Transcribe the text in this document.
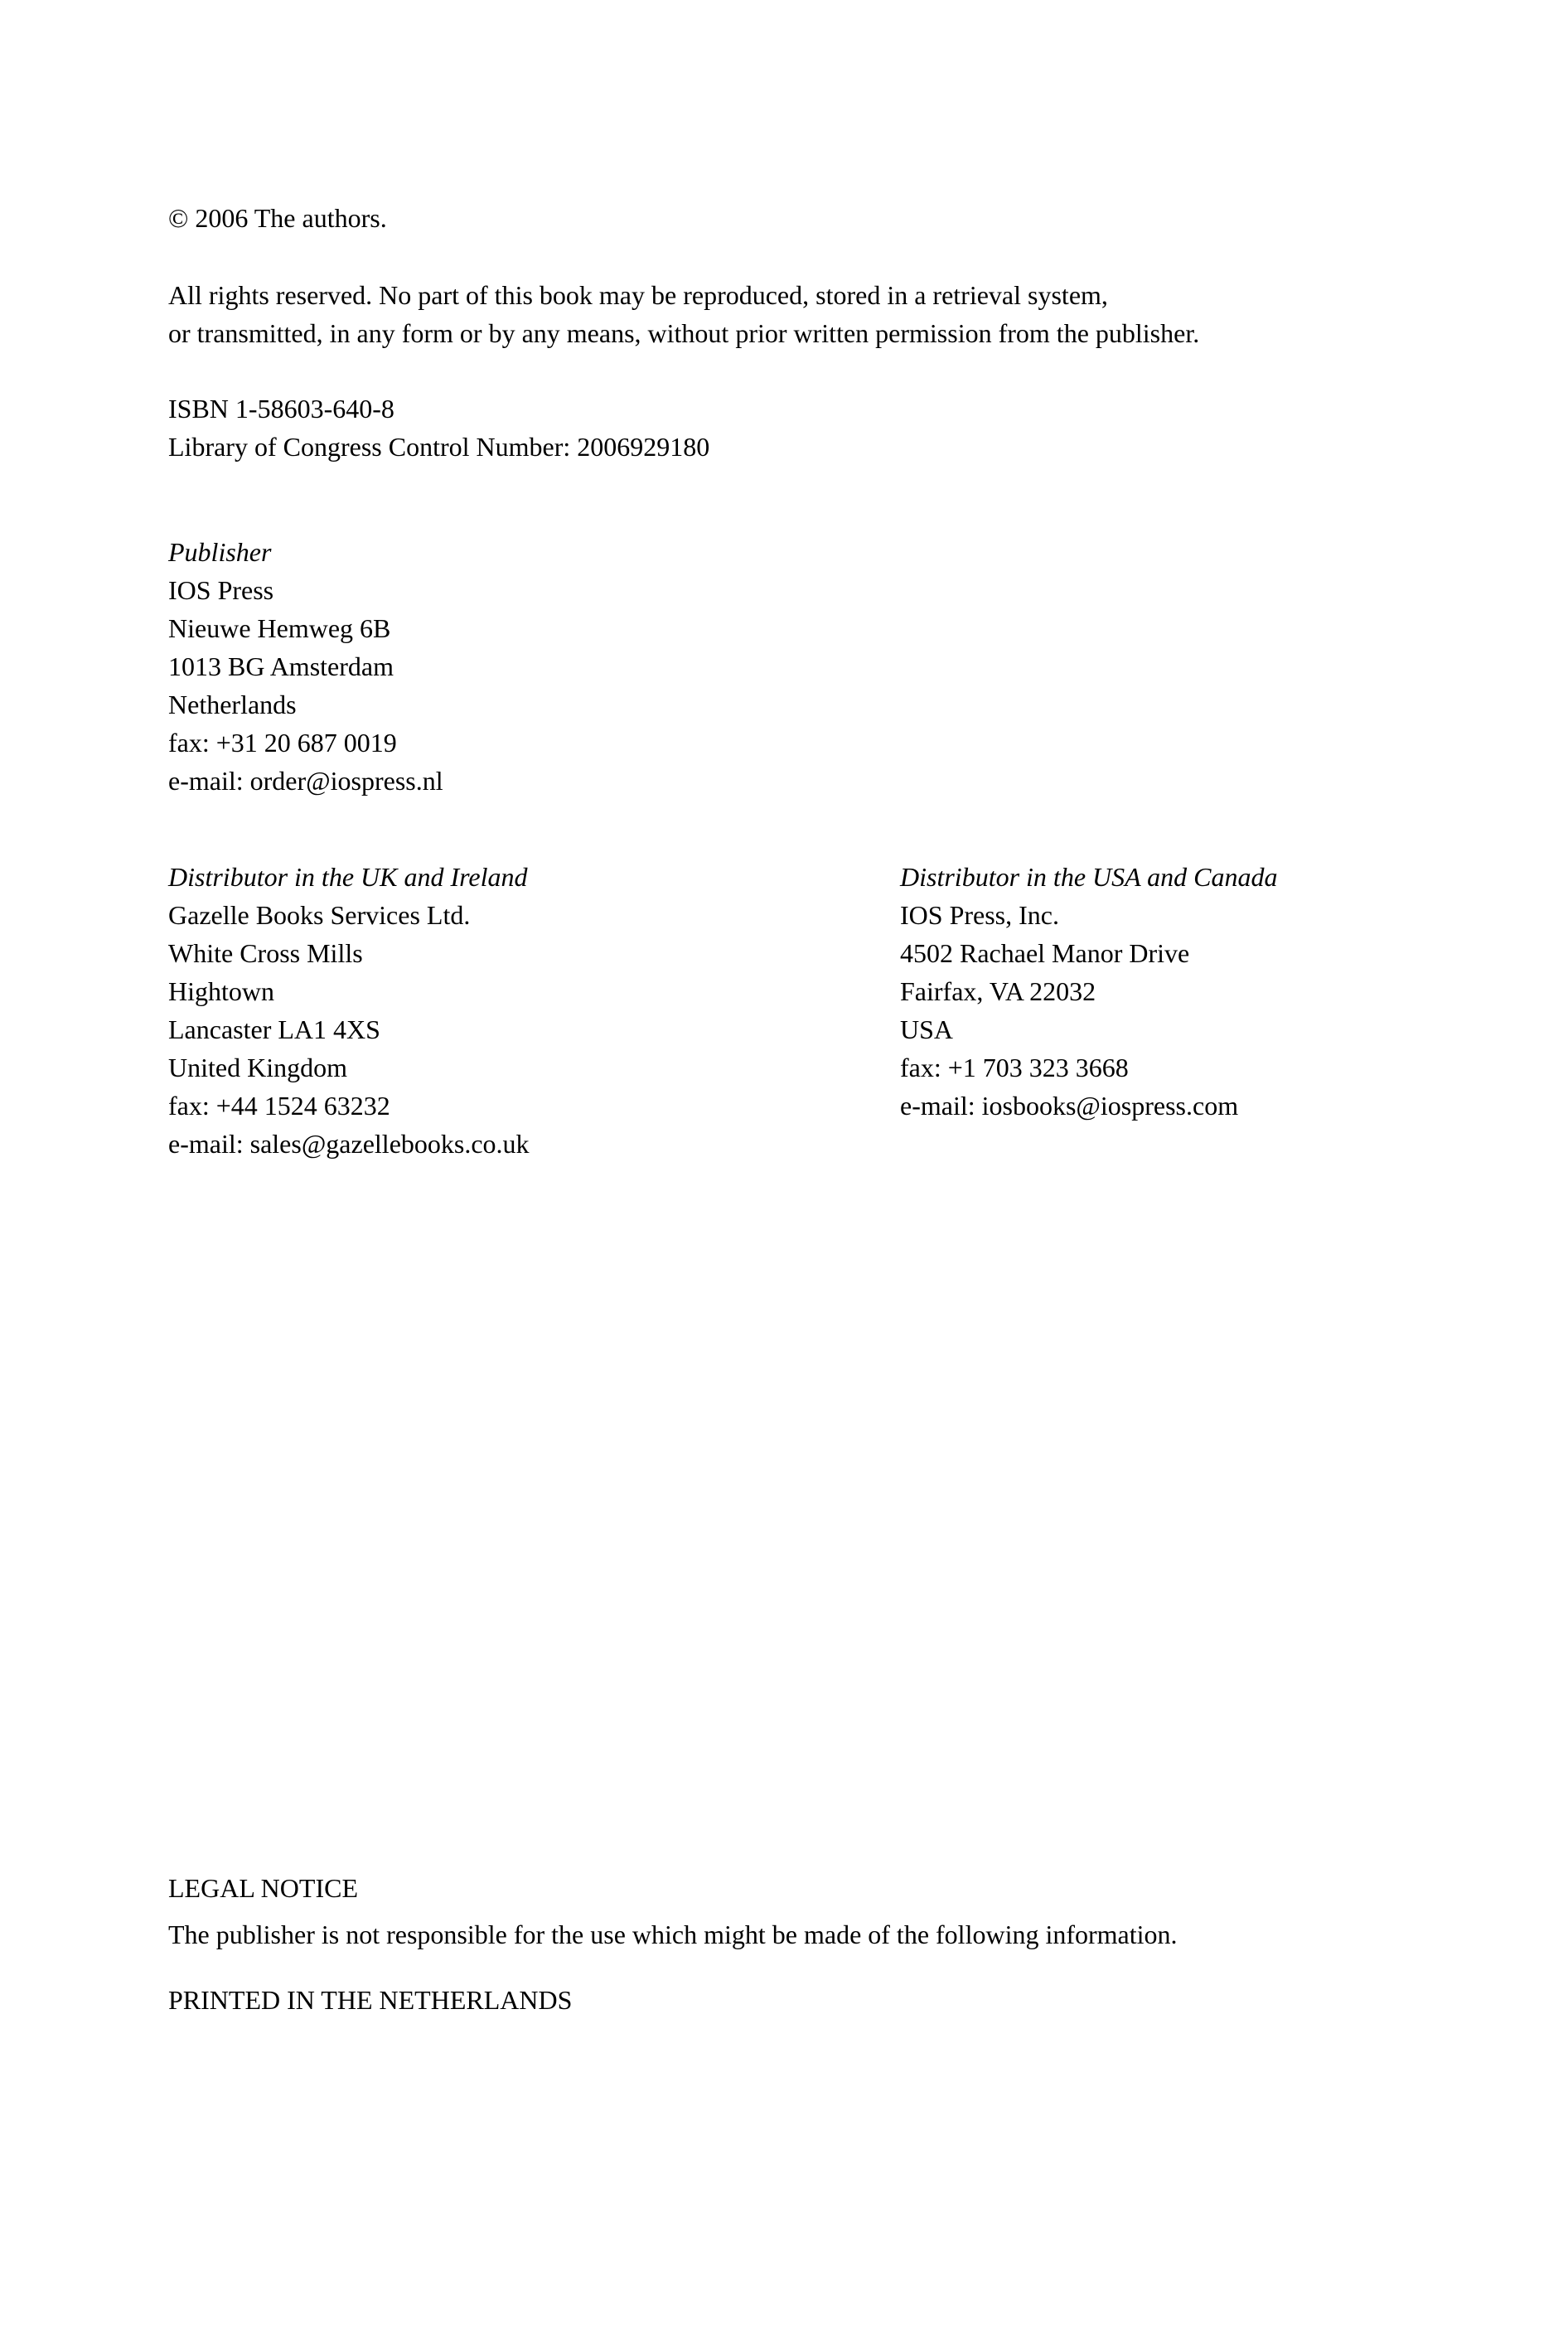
© 2006 The authors.

All rights reserved. No part of this book may be reproduced, stored in a retrieval system,

or transmitted, in any form or by any means, without prior written permission from the publisher.

ISBN 1-58603-640-8

Library of Congress Control Number: 2006929180

Publisher

IOS Press

Nieuwe Hemweg 6B

1013 BG Amsterdam

Netherlands

fax: +31 20 687 0019

e-mail: order@iospress.nl

Distributor in the UK and Ireland

Gazelle Books Services Ltd.

White Cross Mills

Hightown

Lancaster LA1 4XS

United Kingdom

fax: +44 1524 63232

e-mail: sales@gazellebooks.co.uk

Distributor in the USA and Canada

IOS Press, Inc.

4502 Rachael Manor Drive

Fairfax, VA 22032

USA

fax: +1 703 323 3668

e-mail: iosbooks@iospress.com

LEGAL NOTICE

The publisher is not responsible for the use which might be made of the following information.

PRINTED IN THE NETHERLANDS
